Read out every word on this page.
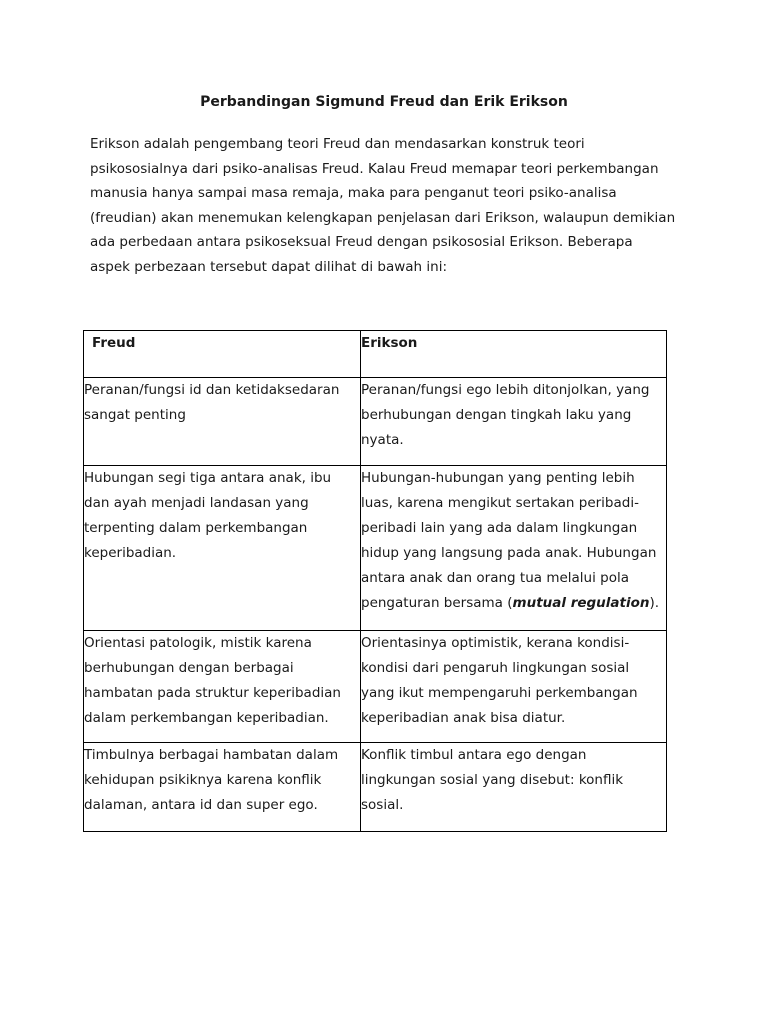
Perbandingan Sigmund Freud dan Erik Erikson
Erikson adalah pengembang teori Freud dan mendasarkan konstruk teori
psikososialnya dari psiko-analisas Freud. Kalau Freud memapar teori perkembangan
manusia hanya sampai masa remaja, maka para penganut teori psiko-analisa
(freudian) akan menemukan kelengkapan penjelasan dari Erikson, walaupun demikian
ada perbedaan antara psikoseksual Freud dengan psikososial Erikson. Beberapa
aspek perbezaan tersebut dapat dilihat di bawah ini:
Freud	Erikson
Peranan/fungsi id dan ketidaksedaran sangat penting	Peranan/fungsi ego lebih ditonjolkan, yang berhubungan dengan tingkah laku yang nyata.
Hubungan segi tiga antara anak, ibu dan ayah menjadi landasan yang terpenting dalam perkembangan keperibadian.	Hubungan-hubungan yang penting lebih luas, karena mengikut sertakan peribadi-peribadi lain yang ada dalam lingkungan hidup yang langsung pada anak. Hubungan antara anak dan orang tua melalui pola pengaturan bersama (mutual regulation).
Orientasi patologik, mistik karena berhubungan dengan berbagai hambatan pada struktur keperibadian dalam perkembangan keperibadian.	Orientasinya optimistik, kerana kondisi-kondisi dari pengaruh lingkungan sosial yang ikut mempengaruhi perkembangan keperibadian anak bisa diatur.
Timbulnya berbagai hambatan dalam kehidupan psikiknya karena konflik dalaman, antara id dan super ego.	Konflik timbul antara ego dengan lingkungan sosial yang disebut: konflik sosial.
